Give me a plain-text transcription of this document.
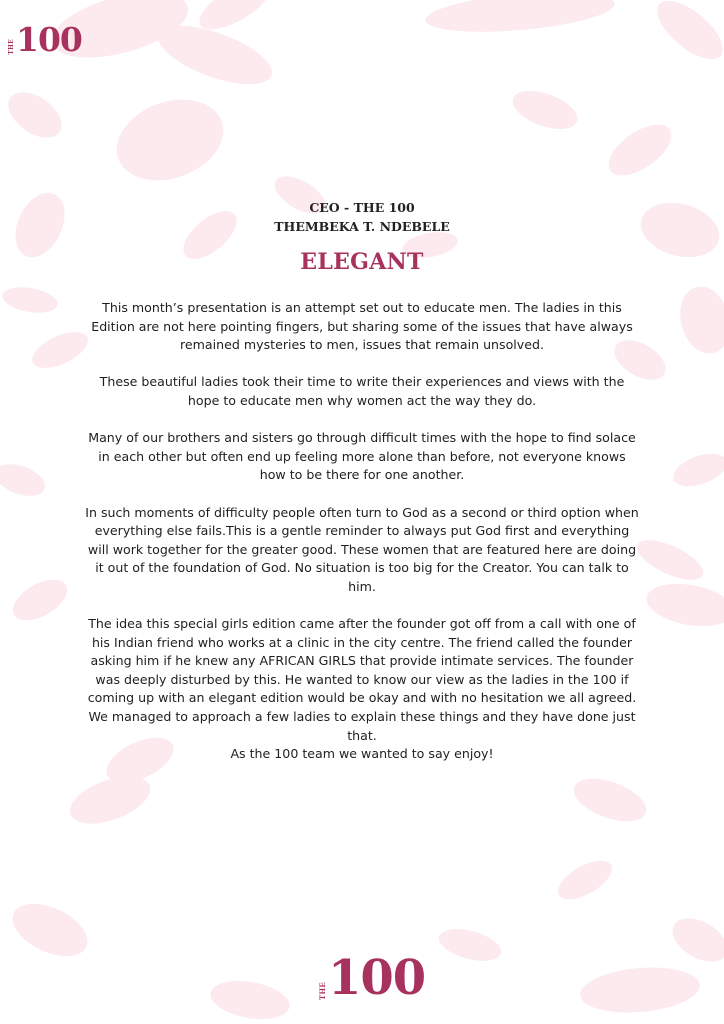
THE 100
CEO - THE 100
THEMBEKA T. NDEBELE
ELEGANT

This month’s presentation is an attempt set out to educate men. The ladies in this Edition are not here pointing fingers, but sharing some of the issues that have always remained mysteries to men, issues that remain unsolved.

These beautiful ladies took their time to write their experiences and views with the hope to educate men why women act the way they do.

Many of our brothers and sisters go through difficult times with the hope to find solace in each other but often end up feeling more alone than before, not everyone knows how to be there for one another.

In such moments of difficulty people often turn to God as a second or third option when everything else fails.This is a gentle reminder to always put God first and everything will work together for the greater good. These women that are featured here are doing it out of the foundation of God. No situation is too big for the Creator. You can talk to him.

The idea this special girls edition came after the founder got off from a call with one of his Indian friend who works at a clinic in the city centre. The friend called the founder asking him if he knew any AFRICAN GIRLS that provide intimate services. The founder was deeply disturbed by this. He wanted to know our view as the ladies in the 100 if coming up with an elegant edition would be okay and with no hesitation we all agreed. We managed to approach a few ladies to explain these things and they have done just that.

As the 100 team we wanted to say enjoy!

THE 100
